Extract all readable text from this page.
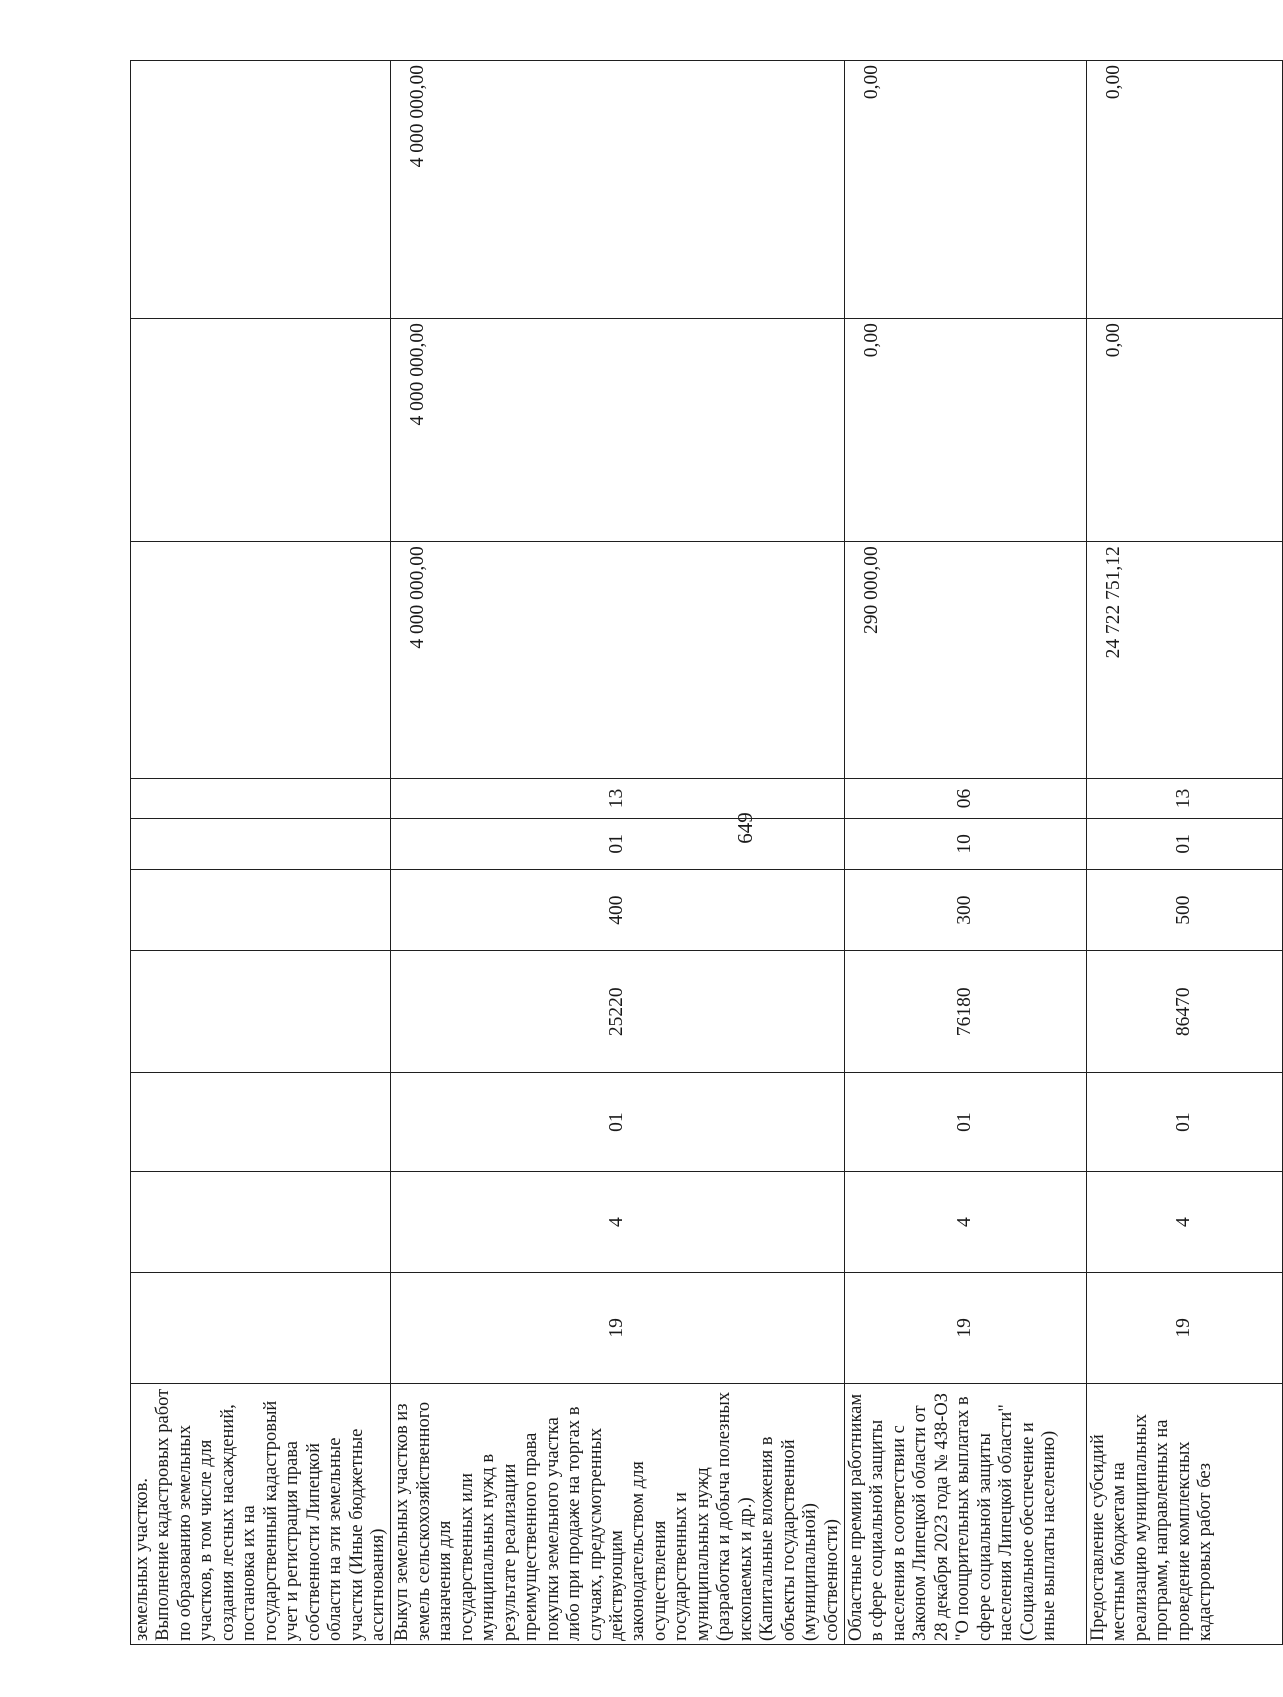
649
земельных участков. Выполнение кадастровых работ по образованию земельных участков, в том числе для создания лесных насаждений, постановка их на государственный кадастровый учет и регистрация права собственности Липецкой области на эти земельные участки (Иные бюджетные ассигнования)										
Выкуп земельных участков из земель сельскохозяйственного назначения для государственных или муниципальных нужд в результате реализации преимущественного права покупки земельного участка либо при продаже на торгах в случаях, предусмотренных действующим законодательством для осуществления государственных и муниципальных нужд (разработка и добыча полезных ископаемых и др.) (Капитальные вложения в объекты государственной (муниципальной) собственности)	19	4	01	25220	400	01	13	4 000 000,00	4 000 000,00	4 000 000,00
Областные премии работникам в сфере социальной защиты населения в соответствии с Законом Липецкой области от 28 декабря 2023 года № 438-ОЗ "О поощрительных выплатах в сфере социальной защиты населения Липецкой области" (Социальное обеспечение и иные выплаты населению)	19	4	01	76180	300	10	06	290 000,00	0,00	0,00
Предоставление субсидий местным бюджетам на реализацию муниципальных программ, направленных на проведение комплексных кадастровых работ без	19	4	01	86470	500	01	13	24 722 751,12	0,00	0,00
